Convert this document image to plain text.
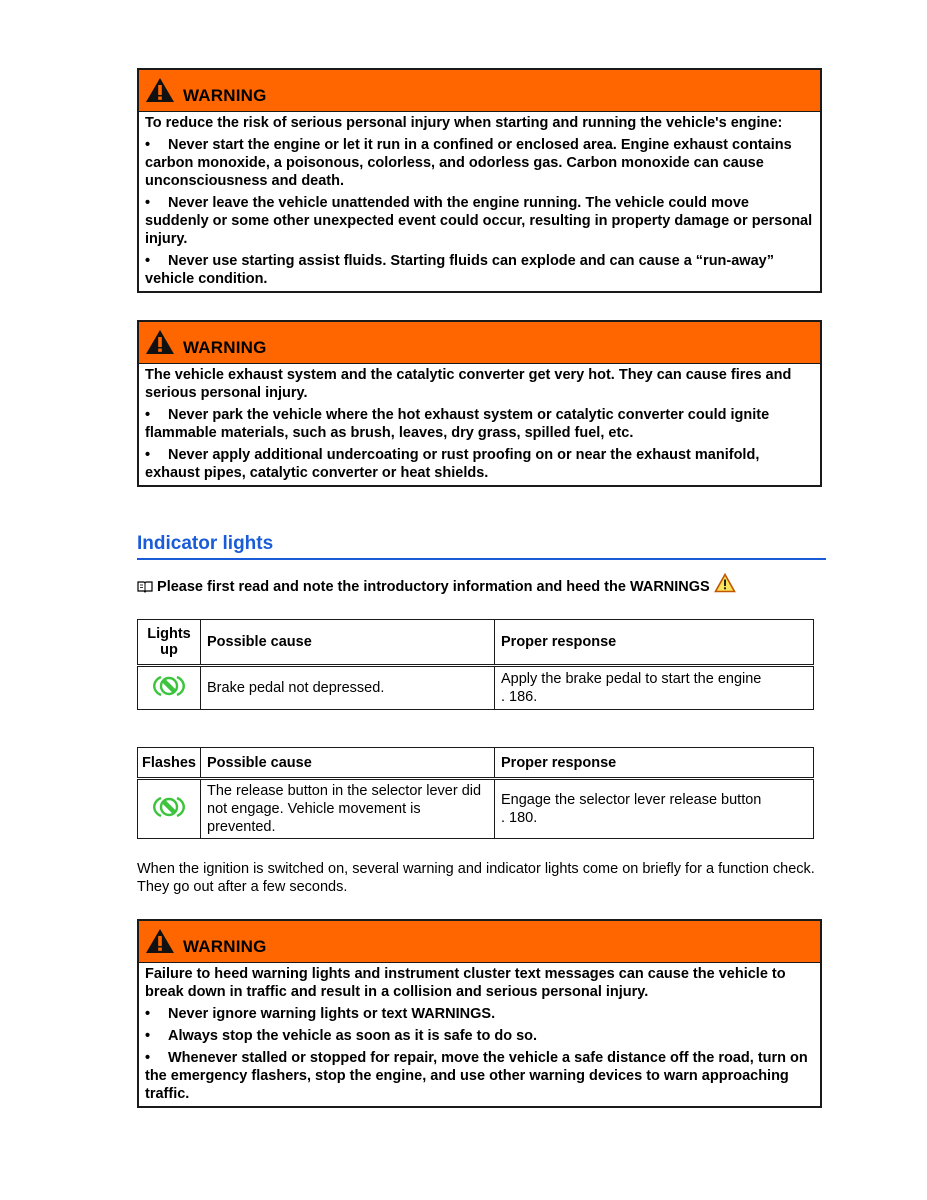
WARNING

To reduce the risk of serious personal injury when starting and running the vehicle's engine:

• Never start the engine or let it run in a confined or enclosed area. Engine exhaust contains carbon monoxide, a poisonous, colorless, and odorless gas. Carbon monoxide can cause unconsciousness and death.

• Never leave the vehicle unattended with the engine running. The vehicle could move suddenly or some other unexpected event could occur, resulting in property damage or personal injury.

• Never use starting assist fluids. Starting fluids can explode and can cause a “run-away” vehicle condition.

WARNING

The vehicle exhaust system and the catalytic converter get very hot. They can cause fires and serious personal injury.

• Never park the vehicle where the hot exhaust system or catalytic converter could ignite flammable materials, such as brush, leaves, dry grass, spilled fuel, etc.

• Never apply additional undercoating or rust proofing on or near the exhaust manifold, exhaust pipes, catalytic converter or heat shields.

Indicator lights
Please first read and note the introductory information and heed the WARNINGS
Lights up	Possible cause	Proper response
	Brake pedal not depressed.	Apply the brake pedal to start the engine
. 186.
Flashes	Possible cause	Proper response
	The release button in the selector lever did not engage. Vehicle movement is prevented.	Engage the selector lever release button
. 180.
When the ignition is switched on, several warning and indicator lights come on briefly for a function check. They go out after a few seconds.
WARNING

Failure to heed warning lights and instrument cluster text messages can cause the vehicle to break down in traffic and result in a collision and serious personal injury.

• Never ignore warning lights or text WARNINGS.

• Always stop the vehicle as soon as it is safe to do so.

• Whenever stalled or stopped for repair, move the vehicle a safe distance off the road, turn on the emergency flashers, stop the engine, and use other warning devices to warn approaching traffic.
